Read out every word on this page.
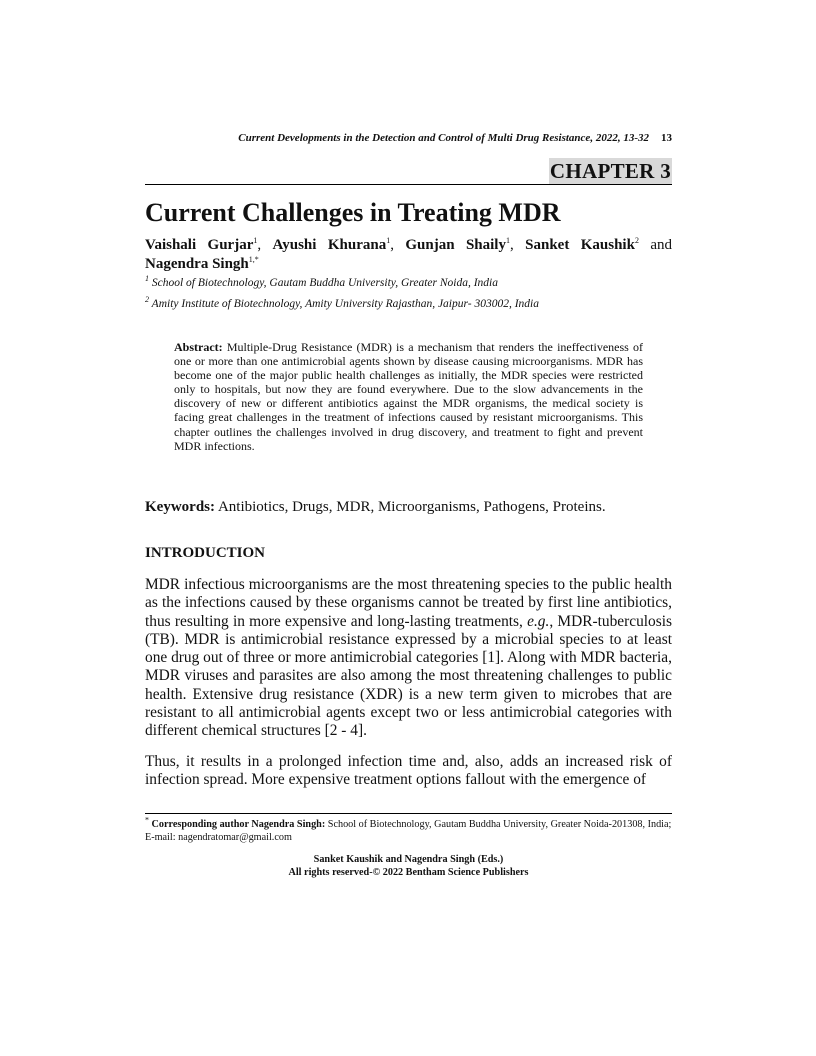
Current Developments in the Detection and Control of Multi Drug Resistance, 2022, 13-32 13
CHAPTER 3
Current Challenges in Treating MDR
Vaishali Gurjar$^1$, Ayushi Khurana$^1$, Gunjan Shaily$^1$, Sanket Kaushik$^2$ and Nagendra Singh$^{1,*}$
$^1$ School of Biotechnology, Gautam Buddha University, Greater Noida, India
$^2$ Amity Institute of Biotechnology, Amity University Rajasthan, Jaipur- 303002, India
Abstract: Multiple-Drug Resistance (MDR) is a mechanism that renders the ineffectiveness of one or more than one antimicrobial agents shown by disease causing microorganisms. MDR has become one of the major public health challenges as initially, the MDR species were restricted only to hospitals, but now they are found everywhere. Due to the slow advancements in the discovery of new or different antibiotics against the MDR organisms, the medical society is facing great challenges in the treatment of infections caused by resistant microorganisms. This chapter outlines the challenges involved in drug discovery, and treatment to fight and prevent MDR infections.
Keywords: Antibiotics, Drugs, MDR, Microorganisms, Pathogens, Proteins.
INTRODUCTION

MDR infectious microorganisms are the most threatening species to the public health as the infections caused by these organisms cannot be treated by first line antibiotics, thus resulting in more expensive and long-lasting treatments, e.g., MDR-tuberculosis (TB). MDR is antimicrobial resistance expressed by a microbial species to at least one drug out of three or more antimicrobial categories [1]. Along with MDR bacteria, MDR viruses and parasites are also among the most threatening challenges to public health. Extensive drug resistance (XDR) is a new term given to microbes that are resistant to all antimicrobial agents except two or less antimicrobial categories with different chemical structures [2 - 4].

Thus, it results in a prolonged infection time and, also, adds an increased risk of infection spread. More expensive treatment options fallout with the emergence of

* Corresponding author Nagendra Singh: School of Biotechnology, Gautam Buddha University, Greater Noida-201308, India; E-mail: nagendratomar@gmail.com
Sanket Kaushik and Nagendra Singh (Eds.)
All rights reserved-© 2022 Bentham Science Publishers
